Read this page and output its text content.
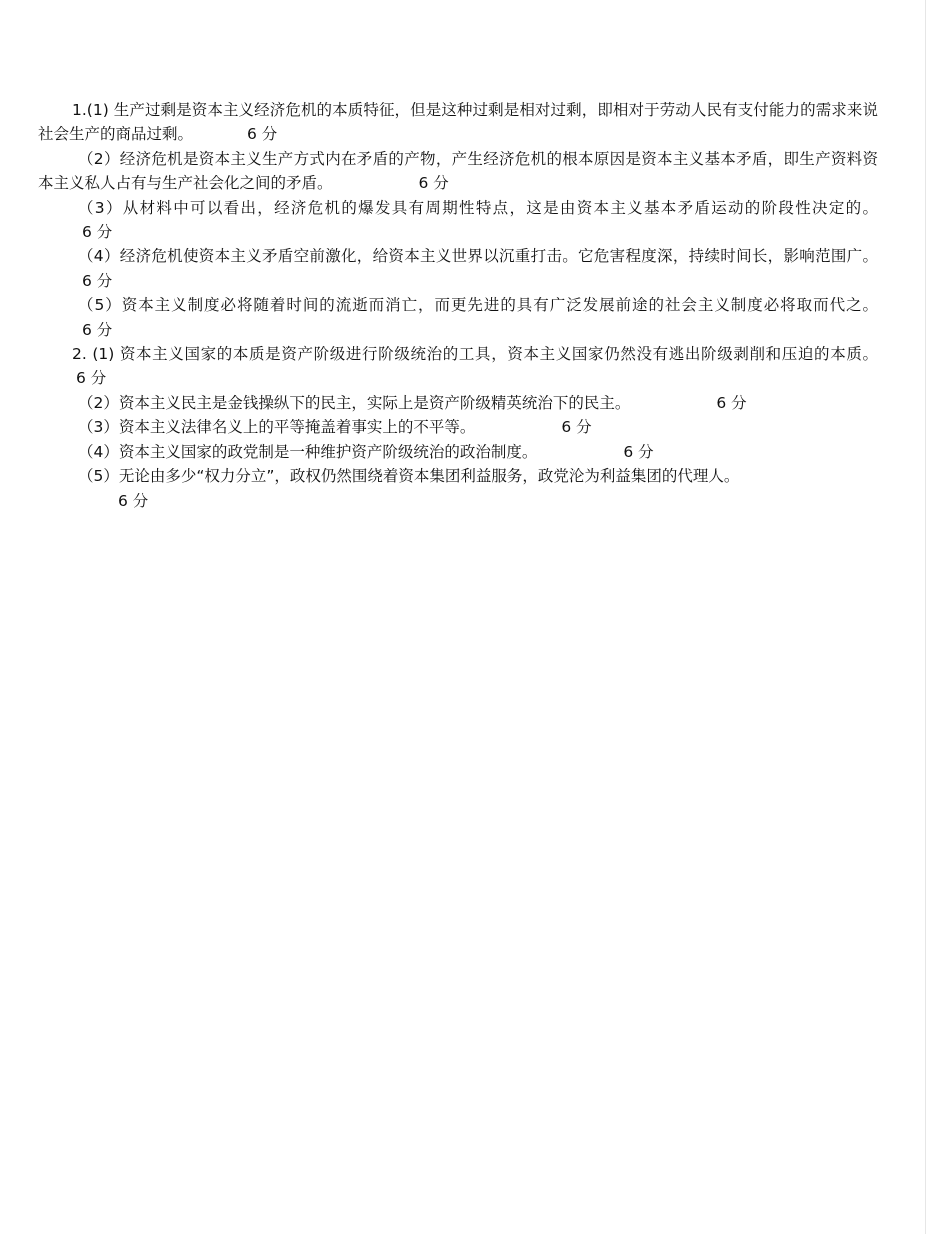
1.(1) 生产过剩是资本主义经济危机的本质特征，但是这种过剩是相对过剩，即相对于劳动人民有支付能力的需求来说社会生产的商品过剩。	6 分

（2）经济危机是资本主义生产方式内在矛盾的产物，产生经济危机的根本原因是资本主义基本矛盾，即生产资料资本主义私人占有与生产社会化之间的矛盾。	6 分

（3）从材料中可以看出，经济危机的爆发具有周期性特点，这是由资本主义基本矛盾运动的阶段性决定的。6 分

（4）经济危机使资本主义矛盾空前激化，给资本主义世界以沉重打击。它危害程度深，持续时间长，影响范围广。6 分

（5）资本主义制度必将随着时间的流逝而消亡，而更先进的具有广泛发展前途的社会主义制度必将取而代之。6 分

2. (1) 资本主义国家的本质是资产阶级进行阶级统治的工具，资本主义国家仍然没有逃出阶级剥削和压迫的本质。6 分

（2）资本主义民主是金钱操纵下的民主，实际上是资产阶级精英统治下的民主。	6 分

（3）资本主义法律名义上的平等掩盖着事实上的不平等。	6 分

（4）资本主义国家的政党制是一种维护资产阶级统治的政治制度。	6 分

（5）无论由多少“权力分立”，政权仍然围绕着资本集团利益服务，政党沦为利益集团的代理人。
6 分
